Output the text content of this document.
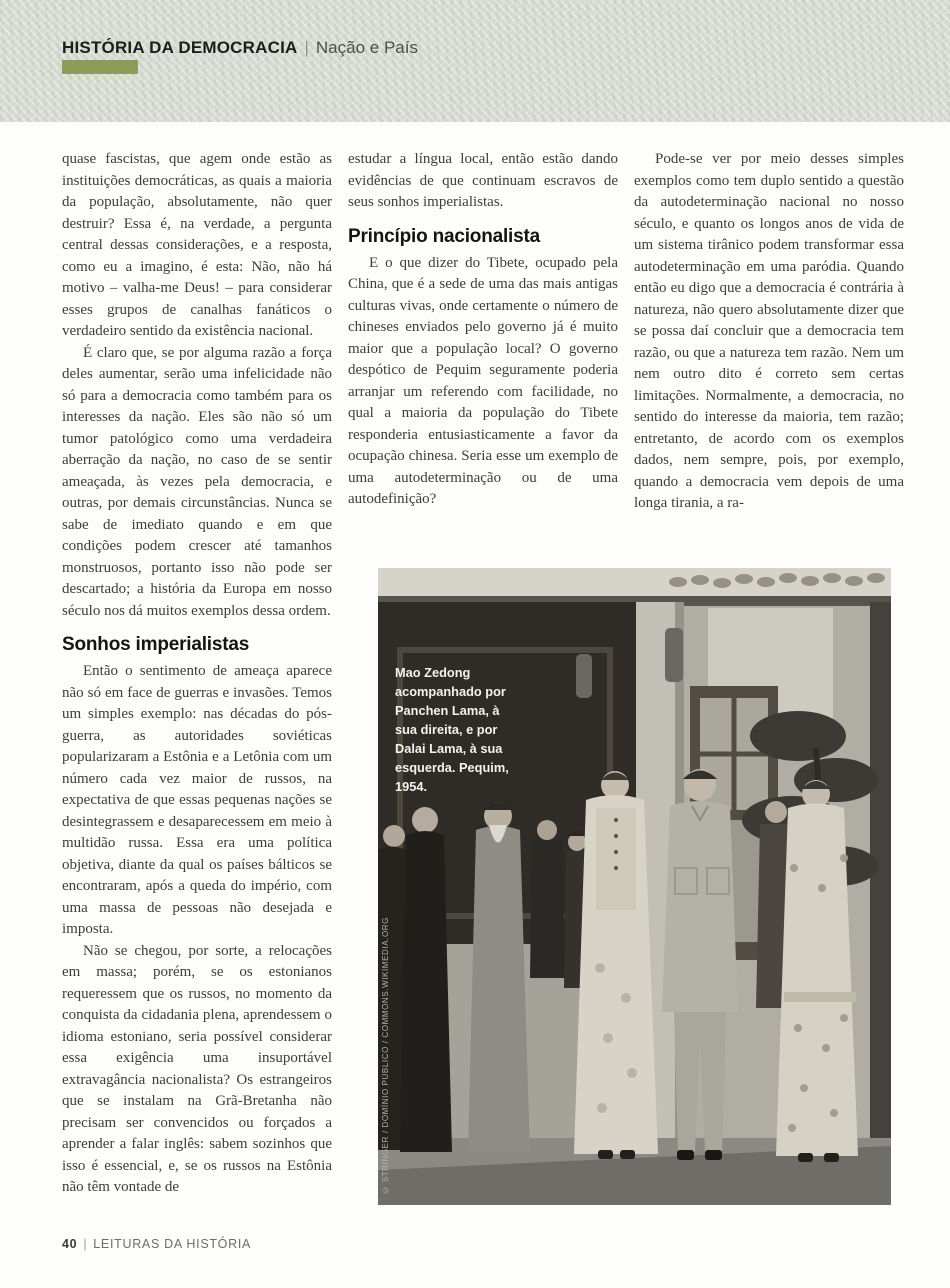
HISTÓRIA DA DEMOCRACIA | Nação e País

quase fascistas, que agem onde estão as instituições democráticas, as quais a maioria da população, absolutamente, não quer destruir? Essa é, na verdade, a pergunta central dessas considerações, e a resposta, como eu a imagino, é esta: Não, não há motivo – valha-me Deus! – para considerar esses grupos de canalhas fanáticos o verdadeiro sentido da existência nacional.

É claro que, se por alguma razão a força deles aumentar, serão uma infelicidade não só para a democracia como também para os interesses da nação. Eles são não só um tumor patológico como uma verdadeira aberração da nação, no caso de se sentir ameaçada, às vezes pela democracia, e outras, por demais circunstâncias. Nunca se sabe de imediato quando e em que condições podem crescer até tamanhos monstruosos, portanto isso não pode ser descartado; a história da Europa em nosso século nos dá muitos exemplos dessa ordem.

Sonhos imperialistas

Então o sentimento de ameaça aparece não só em face de guerras e invasões. Temos um simples exemplo: nas décadas do pós-guerra, as autoridades soviéticas popularizaram a Estônia e a Letônia com um número cada vez maior de russos, na expectativa de que essas pequenas nações se desintegrassem e desaparecessem em meio à multidão russa. Essa era uma política objetiva, diante da qual os países bálticos se encontraram, após a queda do império, com uma massa de pessoas não desejada e imposta.

Não se chegou, por sorte, a relocações em massa; porém, se os estonianos requeressem que os russos, no momento da conquista da cidadania plena, aprendessem o idioma estoniano, seria possível considerar essa exigência uma insuportável extravagância nacionalista? Os estrangeiros que se instalam na Grã-Bretanha não precisam ser convencidos ou forçados a aprender a falar inglês: sabem sozinhos que isso é essencial, e, se os russos na Estônia não têm vontade de

estudar a língua local, então estão dando evidências de que continuam escravos de seus sonhos imperialistas.

Princípio nacionalista

E o que dizer do Tibete, ocupado pela China, que é a sede de uma das mais antigas culturas vivas, onde certamente o número de chineses enviados pelo governo já é muito maior que a população local? O governo despótico de Pequim seguramente poderia arranjar um referendo com facilidade, no qual a maioria da população do Tibete responderia entusiasticamente a favor da ocupação chinesa. Seria esse um exemplo de uma autodeterminação ou de uma autodefinição?

Pode-se ver por meio desses simples exemplos como tem duplo sentido a questão da autodeterminação nacional no nosso século, e quanto os longos anos de vida de um sistema tirânico podem transformar essa autodeterminação em uma paródia. Quando então eu digo que a democracia é contrária à natureza, não quero absolutamente dizer que se possa daí concluir que a democracia tem razão, ou que a natureza tem razão. Nem um nem outro dito é correto sem certas limitações. Normalmente, a democracia, no sentido do interesse da maioria, tem razão; entretanto, de acordo com os exemplos dados, nem sempre, pois, por exemplo, quando a democracia vem depois de uma longa tirania, a ra-

Mao Zedong acompanhado por Panchen Lama, à sua direita, e por Dalai Lama, à sua esquerda. Pequim, 1954.
© STRINGER / DOMÍNIO PÚBLICO / COMMONS.WIKIMEDIA.ORG
40 | LEITURAS DA HISTÓRIA
